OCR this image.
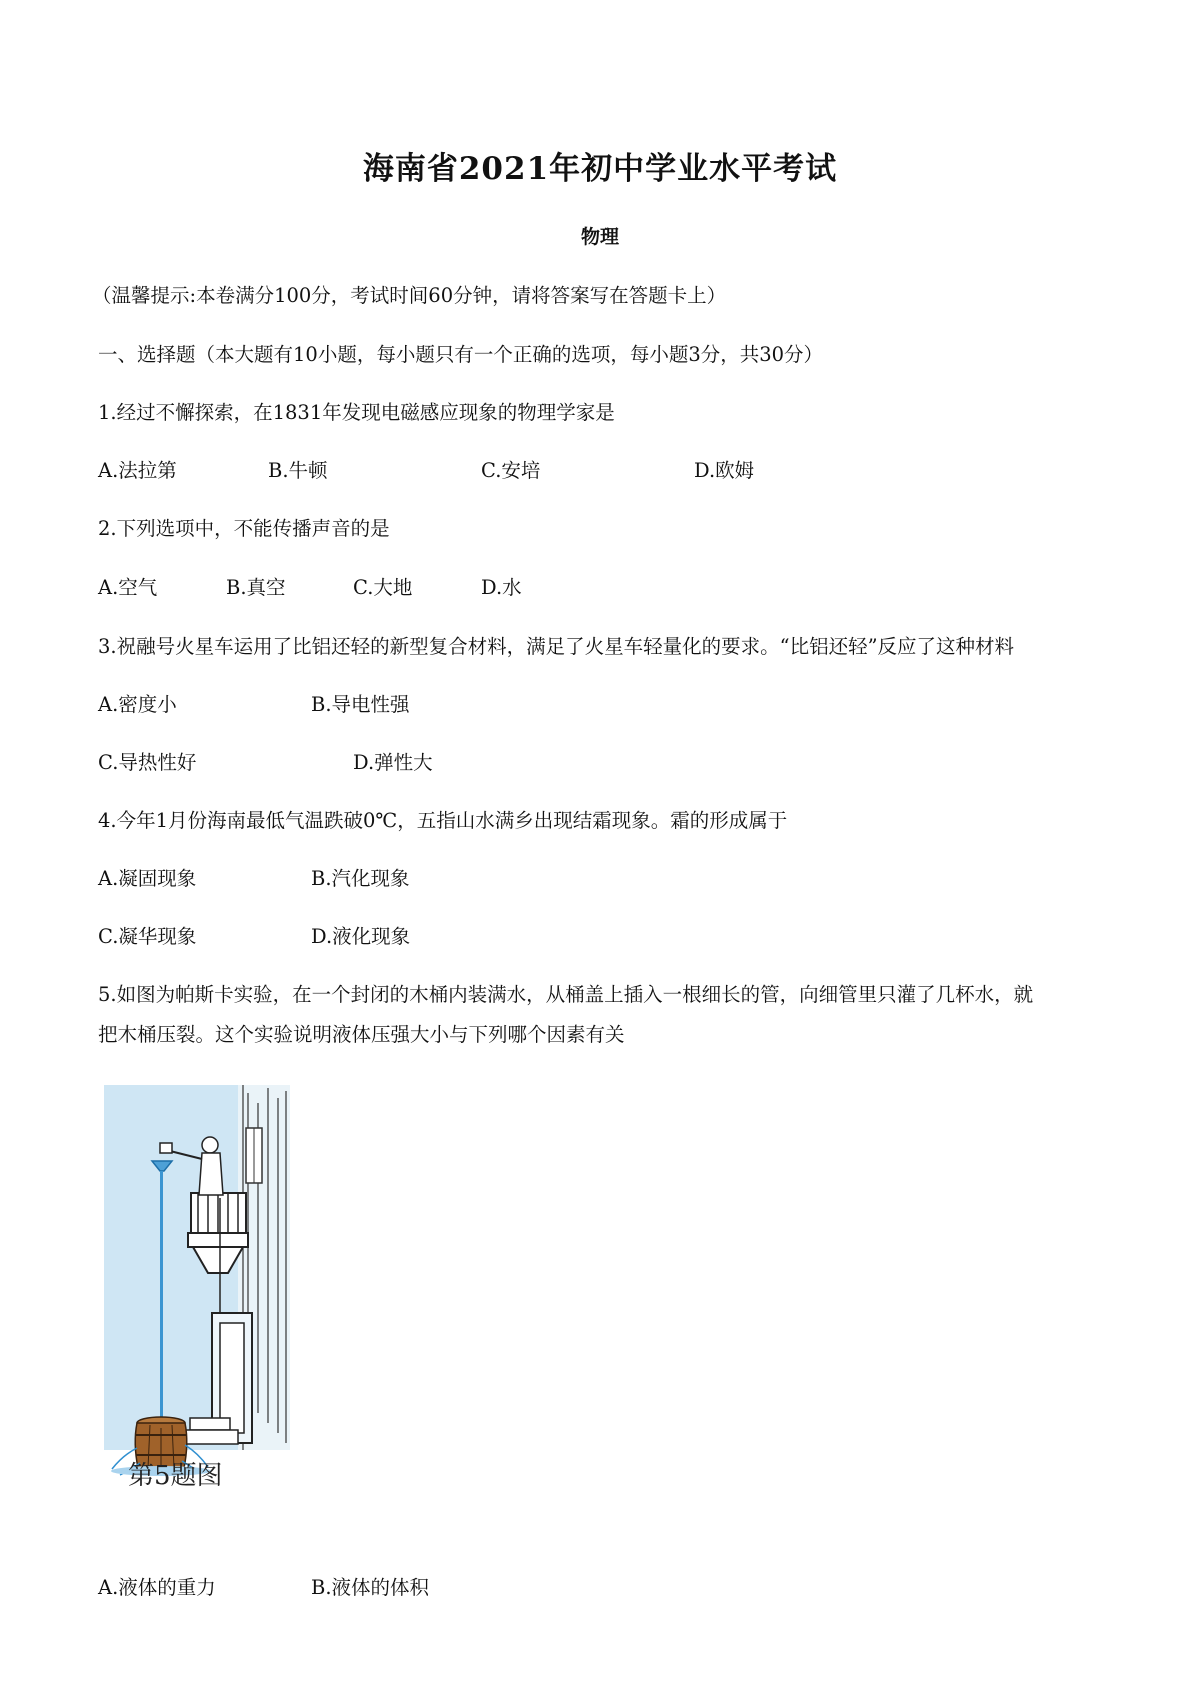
海南省2021年初中学业水平考试
物理
（温馨提示:本卷满分100分，考试时间60分钟，请将答案写在答题卡上）
一、选择题（本大题有10小题，每小题只有一个正确的选项，每小题3分，共30分）
1.经过不懈探索，在1831年发现电磁感应现象的物理学家是
A.法拉第	B.牛顿	C.安培	D.欧姆
2.下列选项中，不能传播声音的是
A.空气	B.真空	C.大地	D.水
3.祝融号火星车运用了比铝还轻的新型复合材料，满足了火星车轻量化的要求。“比铝还轻”反应了这种材料
A.密度小	B.导电性强
C.导热性好	D.弹性大
4.今年1月份海南最低气温跌破0℃，五指山水满乡出现结霜现象。霜的形成属于
A.凝固现象	B.汽化现象
C.凝华现象	D.液化现象
5.如图为帕斯卡实验，在一个封闭的木桶内装满水，从桶盖上插入一根细长的管，向细管里只灌了几杯水，就
把木桶压裂。这个实验说明液体压强大小与下列哪个因素有关
第5题图
A.液体的重力	B.液体的体积
